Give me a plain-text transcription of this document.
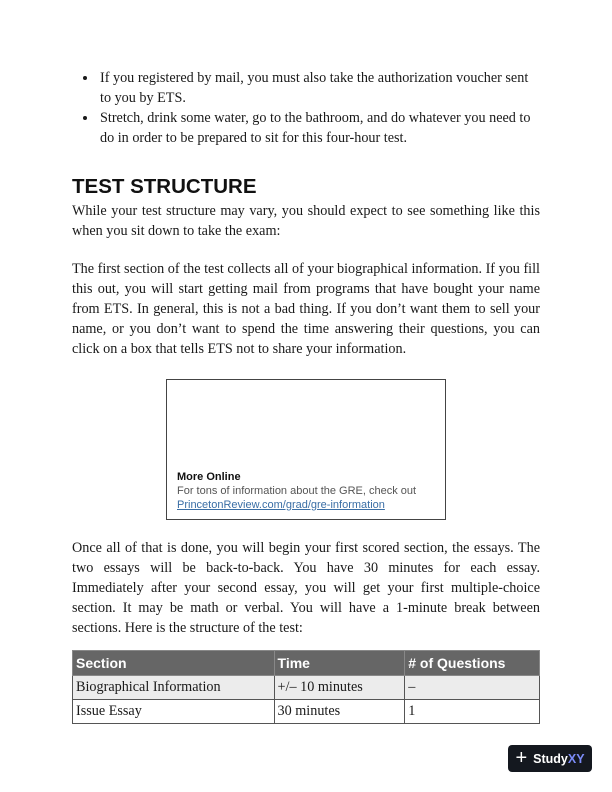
• If you registered by mail, you must also take the authorization voucher sent to you by ETS.
• Stretch, drink some water, go to the bathroom, and do whatever you need to do in order to be prepared to sit for this four-hour test.
TEST STRUCTURE

While your test structure may vary, you should expect to see something like this when you sit down to take the exam:

The first section of the test collects all of your biographical information. If you fill this out, you will start getting mail from programs that have bought your name from ETS. In general, this is not a bad thing. If you don’t want them to sell your name, or you don’t want to spend the time answering their questions, you can click on a box that tells ETS not to share your information.

More Online
For tons of information about the GRE, check out
PrincetonReview.com/grad/gre-information

Once all of that is done, you will begin your first scored section, the essays. The two essays will be back-to-back. You have 30 minutes for each essay. Immediately after your second essay, you will get your first multiple-choice section. It may be math or verbal. You will have a 1-minute break between sections. Here is the structure of the test:

Section	Time	# of Questions
Biographical Information	+/– 10 minutes	–
Issue Essay	30 minutes	1
+ StudyXY
